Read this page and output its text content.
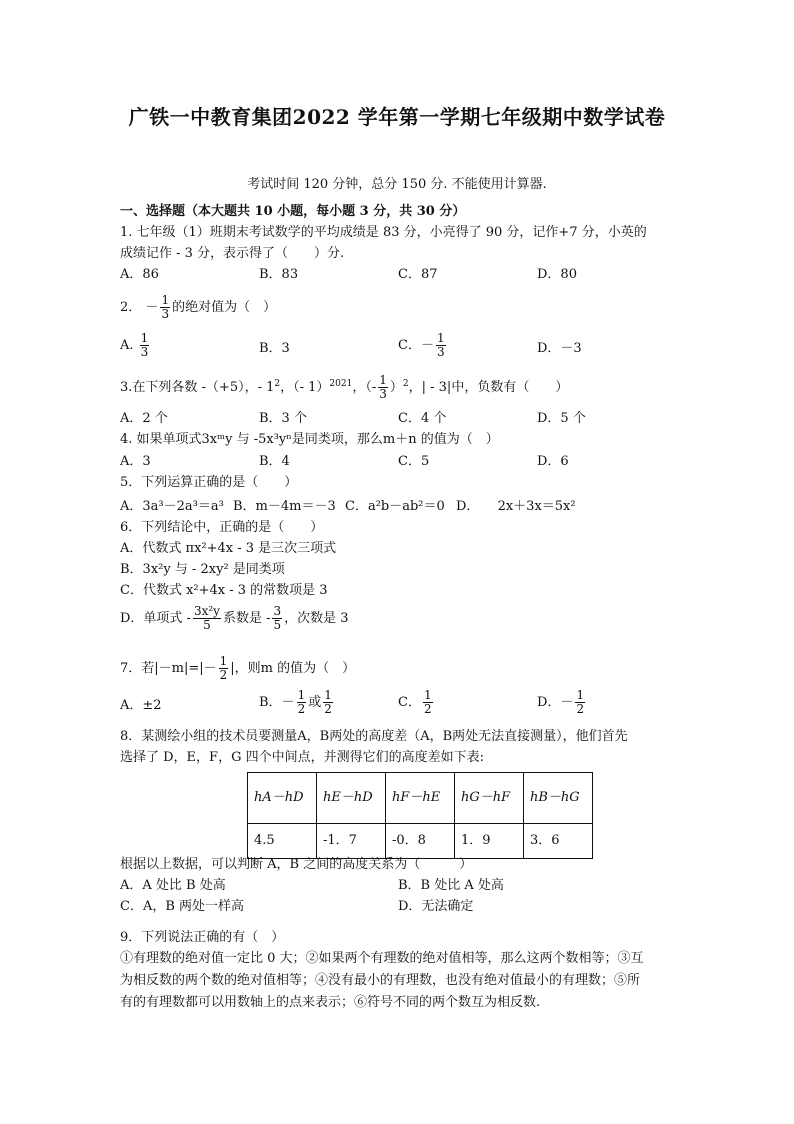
广铁一中教育集团2022 学年第一学期七年级期中数学试卷
考试时间 120 分钟，总分 150 分. 不能使用计算器.
一、选择题（本大题共 10 小题，每小题 3 分，共 30 分）
1. 七年级（1）班期末考试数学的平均成绩是 83 分，小亮得了 90 分，记作+7 分，小英的
成绩记作 - 3 分，表示得了（　　）分.
A．86	B．83	C．87	D．80
2． － $\frac{1}{3}$ 的绝对值为（　）
A. $\frac{1}{3}$	B．3	C．－ $\frac{1}{3}$	D．－3
3.在下列各数 -（+5），- $1^2$，（- 1）$^{2021}$，（- $\frac{1}{3} )^2$，| - 3|中，负数有（　　）
A．2 个	B．3 个	C．4 个	D．5 个
4. 如果单项式3xᵐy 与 -5x³yⁿ是同类项，那么m＋n 的值为（　）
A．3	B．4	C．5	D．6
5．下列运算正确的是（　　）
A．3a³－2a³＝a³ B．m－4m＝－3 C．a²b－ab²＝0 D． 2x＋3x＝5x²
6．下列结论中，正确的是（　　）
A．代数式 πx²+4x - 3 是三次三项式
B．3x²y 与 - 2xy² 是同类项
C．代数式 x²+4x - 3 的常数项是 3
D．单项式 - $\frac{\text{3x²y}}{5}$ 系数是 - $\frac{3}{5}$ ，次数是 3
7．若$|-m|=|- \frac{1}{2}$ |，则m 的值为（　）
A．±2	B．－ $\frac{1}{2}$ 或 $\frac{1}{2}$	C． $\frac{1}{2}$	D．－ $\frac{1}{2}$
8．某测绘小组的技术员要测量A，B两处的高度差（A，B两处无法直接测量），他们首先
选择了 D，E，F，G 四个中间点，并测得它们的高度差如下表:
hA－hD	hE－hD	hF－hE	hG－hF	hB－hG
4.5	-1．7	-0．8	1．9	3．6
根据以上数据，可以判断 A，B 之间的高度关系为（　　　）
A．A 处比 B 处高	B．B 处比 A 处高
C．A，B 两处一样高	D．无法确定
9．下列说法正确的有（　）
①有理数的绝对值一定比 0 大；②如果两个有理数的绝对值相等，那么这两个数相等；③互
为相反数的两个数的绝对值相等；④没有最小的有理数，也没有绝对值最小的有理数；⑤所
有的有理数都可以用数轴上的点来表示；⑥符号不同的两个数互为相反数.
